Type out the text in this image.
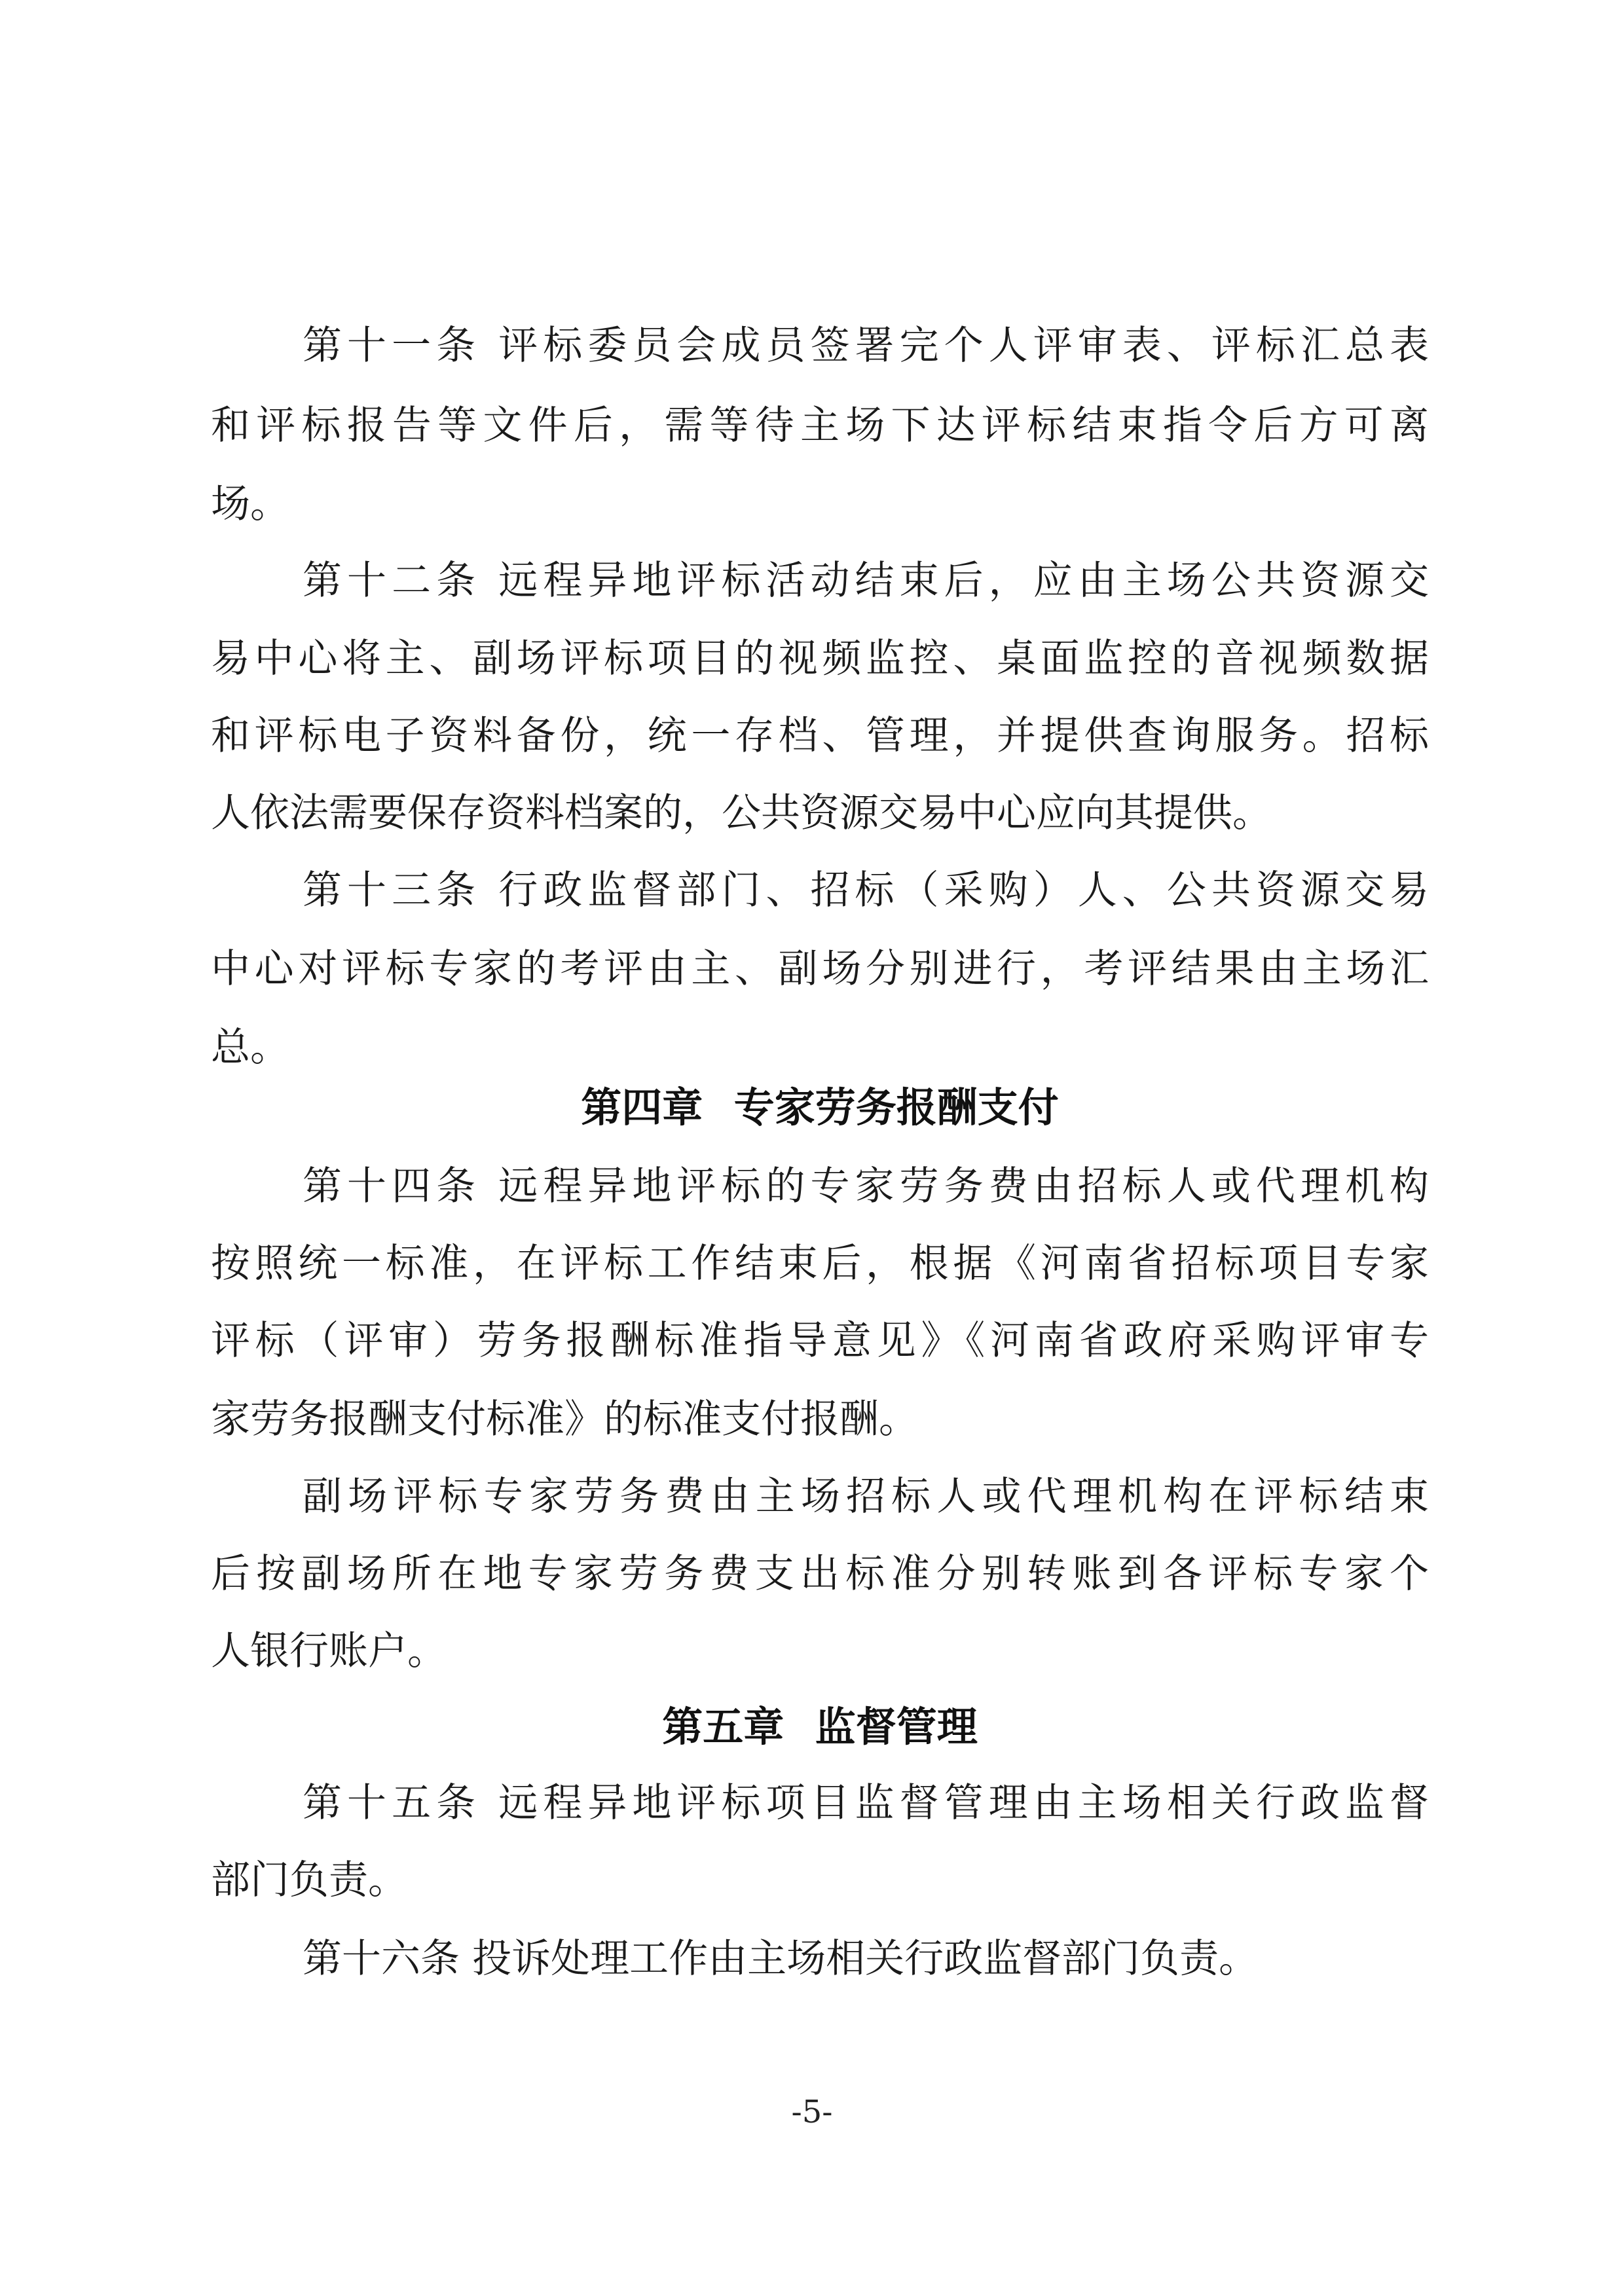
第十一条 评标委员会成员签署完个人评审表、评标汇总表
和评标报告等文件后，需等待主场下达评标结束指令后方可离
场。
第十二条 远程异地评标活动结束后，应由主场公共资源交
易中心将主、副场评标项目的视频监控、桌面监控的音视频数据
和评标电子资料备份，统一存档、管理，并提供查询服务。招标
人依法需要保存资料档案的，公共资源交易中心应向其提供。
第十三条 行政监督部门、招标（采购）人、公共资源交易
中心对评标专家的考评由主、副场分别进行，考评结果由主场汇
总。
第四章 专家劳务报酬支付
第十四条 远程异地评标的专家劳务费由招标人或代理机构
按照统一标准，在评标工作结束后，根据《河南省招标项目专家
评标（评审）劳务报酬标准指导意见》《河南省政府采购评审专
家劳务报酬支付标准》的标准支付报酬。
副场评标专家劳务费由主场招标人或代理机构在评标结束
后按副场所在地专家劳务费支出标准分别转账到各评标专家个
人银行账户。
第五章 监督管理
第十五条 远程异地评标项目监督管理由主场相关行政监督
部门负责。
第十六条 投诉处理工作由主场相关行政监督部门负责。
-5-
